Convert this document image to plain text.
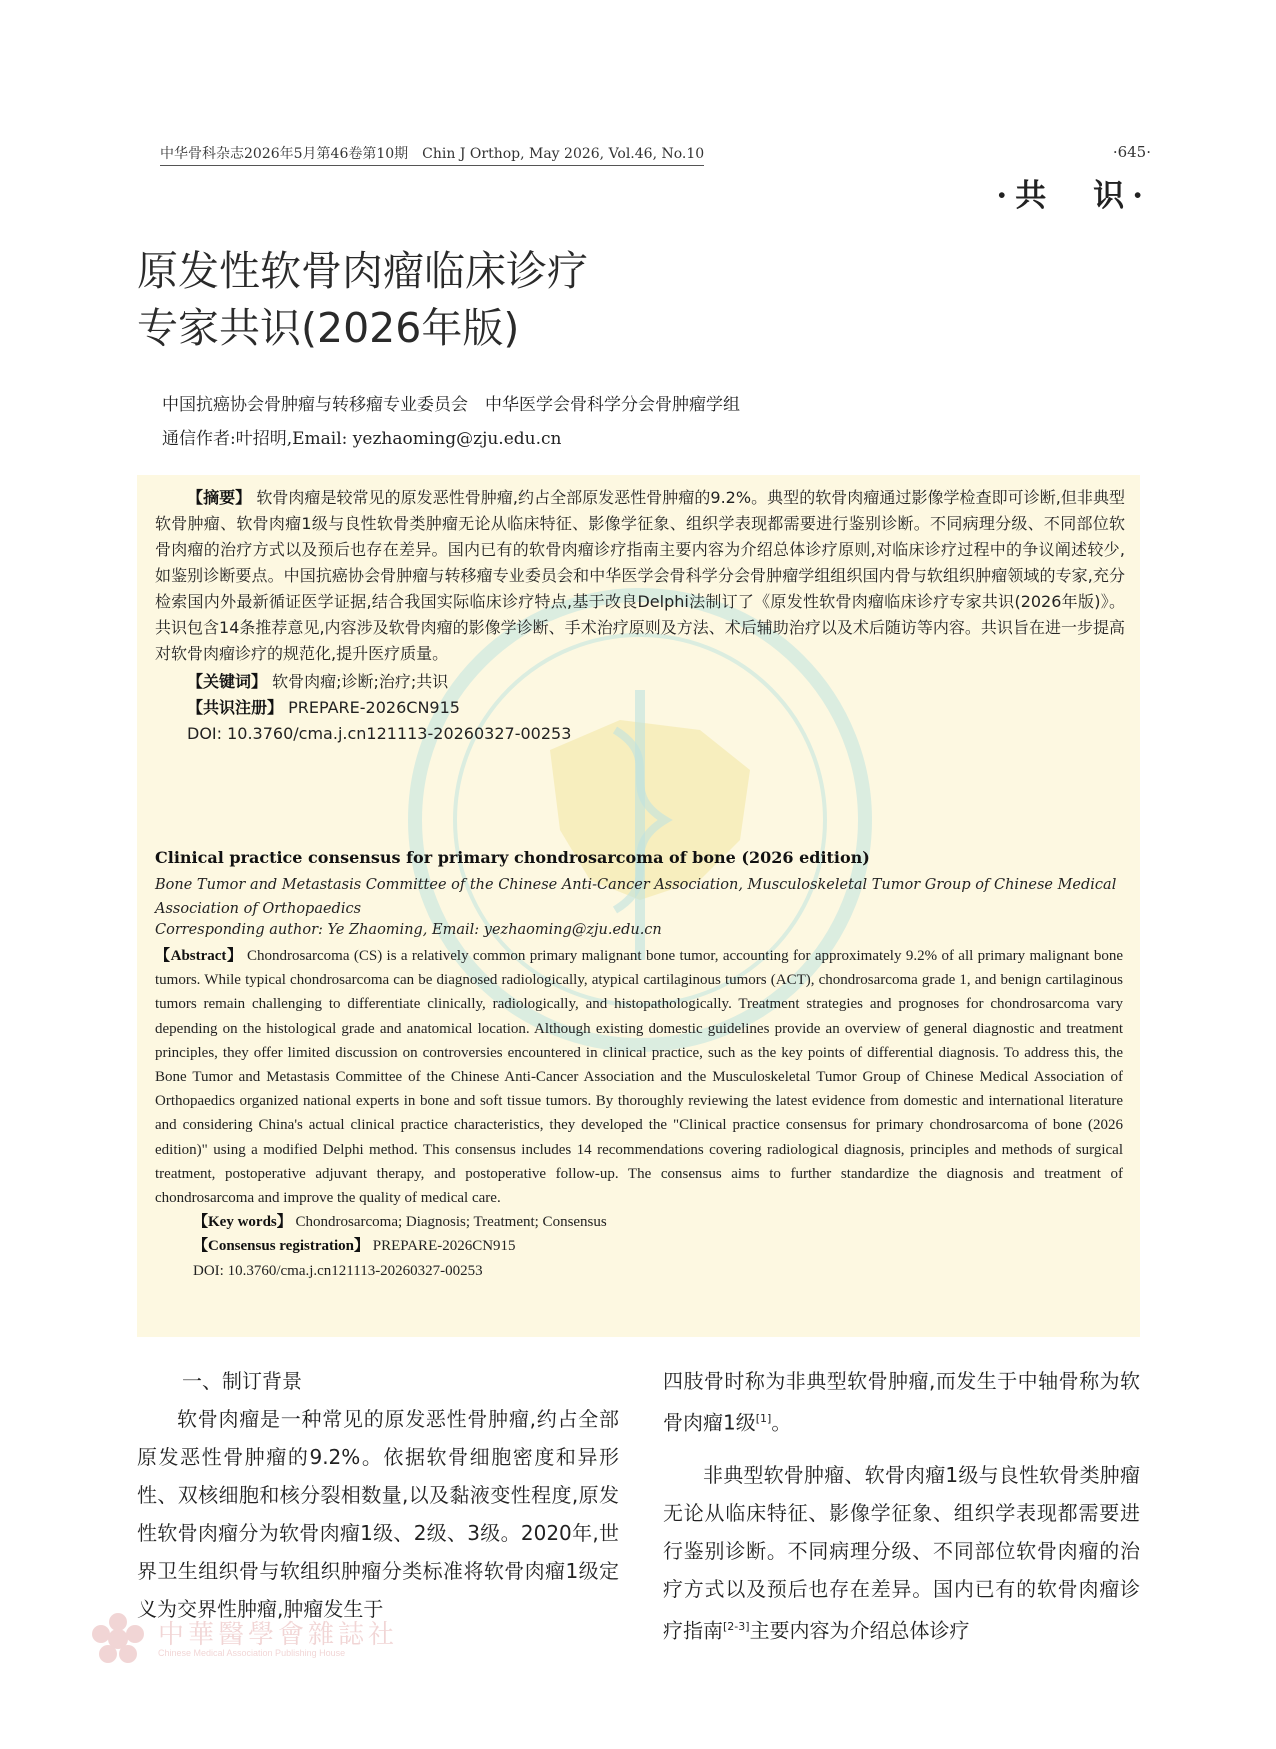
中华骨科杂志2026年5月第46卷第10期　Chin J Orthop, May 2026, Vol.46, No.10	·645·
·共　识·
原发性软骨肉瘤临床诊疗
专家共识(2026年版)
中国抗癌协会骨肿瘤与转移瘤专业委员会　中华医学会骨科学分会骨肿瘤学组
通信作者:叶招明,Email: yezhaoming@zju.edu.cn

【摘要】 软骨肉瘤是较常见的原发恶性骨肿瘤,约占全部原发恶性骨肿瘤的9.2%。典型的软骨肉瘤通过影像学检查即可诊断,但非典型软骨肿瘤、软骨肉瘤1级与良性软骨类肿瘤无论从临床特征、影像学征象、组织学表现都需要进行鉴别诊断。不同病理分级、不同部位软骨肉瘤的治疗方式以及预后也存在差异。国内已有的软骨肉瘤诊疗指南主要内容为介绍总体诊疗原则,对临床诊疗过程中的争议阐述较少,如鉴别诊断要点。中国抗癌协会骨肿瘤与转移瘤专业委员会和中华医学会骨科学分会骨肿瘤学组组织国内骨与软组织肿瘤领域的专家,充分检索国内外最新循证医学证据,结合我国实际临床诊疗特点,基于改良Delphi法制订了《原发性软骨肉瘤临床诊疗专家共识(2026年版)》。共识包含14条推荐意见,内容涉及软骨肉瘤的影像学诊断、手术治疗原则及方法、术后辅助治疗以及术后随访等内容。共识旨在进一步提高对软骨肉瘤诊疗的规范化,提升医疗质量。

【关键词】 软骨肉瘤;诊断;治疗;共识

【共识注册】 PREPARE-2026CN915

DOI: 10.3760/cma.j.cn121113-20260327-00253

Clinical practice consensus for primary chondrosarcoma of bone (2026 edition)
Bone Tumor and Metastasis Committee of the Chinese Anti-Cancer Association, Musculoskeletal Tumor Group of Chinese Medical Association of Orthopaedics
Corresponding author: Ye Zhaoming, Email: yezhaoming@zju.edu.cn

【Abstract】 Chondrosarcoma (CS) is a relatively common primary malignant bone tumor, accounting for approximately 9.2% of all primary malignant bone tumors. While typical chondrosarcoma can be diagnosed radiologically, atypical cartilaginous tumors (ACT), chondrosarcoma grade 1, and benign cartilaginous tumors remain challenging to differentiate clinically, radiologically, and histopathologically. Treatment strategies and prognoses for chondrosarcoma vary depending on the histological grade and anatomical location. Although existing domestic guidelines provide an overview of general diagnostic and treatment principles, they offer limited discussion on controversies encountered in clinical practice, such as the key points of differential diagnosis. To address this, the Bone Tumor and Metastasis Committee of the Chinese Anti-Cancer Association and the Musculoskeletal Tumor Group of Chinese Medical Association of Orthopaedics organized national experts in bone and soft tissue tumors. By thoroughly reviewing the latest evidence from domestic and international literature and considering China's actual clinical practice characteristics, they developed the "Clinical practice consensus for primary chondrosarcoma of bone (2026 edition)" using a modified Delphi method. This consensus includes 14 recommendations covering radiological diagnosis, principles and methods of surgical treatment, postoperative adjuvant therapy, and postoperative follow-up. The consensus aims to further standardize the diagnosis and treatment of chondrosarcoma and improve the quality of medical care.

【Key words】 Chondrosarcoma; Diagnosis; Treatment; Consensus

【Consensus registration】 PREPARE-2026CN915

DOI: 10.3760/cma.j.cn121113-20260327-00253

一、制订背景

软骨肉瘤是一种常见的原发恶性骨肿瘤,约占全部原发恶性骨肿瘤的9.2%。依据软骨细胞密度和异形性、双核细胞和核分裂相数量,以及黏液变性程度,原发性软骨肉瘤分为软骨肉瘤1级、2级、3级。2020年,世界卫生组织骨与软组织肿瘤分类标准将软骨肉瘤1级定义为交界性肿瘤,肿瘤发生于

四肢骨时称为非典型软骨肿瘤,而发生于中轴骨称为软骨肉瘤1级[1]。

非典型软骨肿瘤、软骨肉瘤1级与良性软骨类肿瘤无论从临床特征、影像学征象、组织学表现都需要进行鉴别诊断。不同病理分级、不同部位软骨肉瘤的治疗方式以及预后也存在差异。国内已有的软骨肉瘤诊疗指南[2-3]主要内容为介绍总体诊疗

中華醫學會雜誌社
Chinese Medical Association Publishing House
